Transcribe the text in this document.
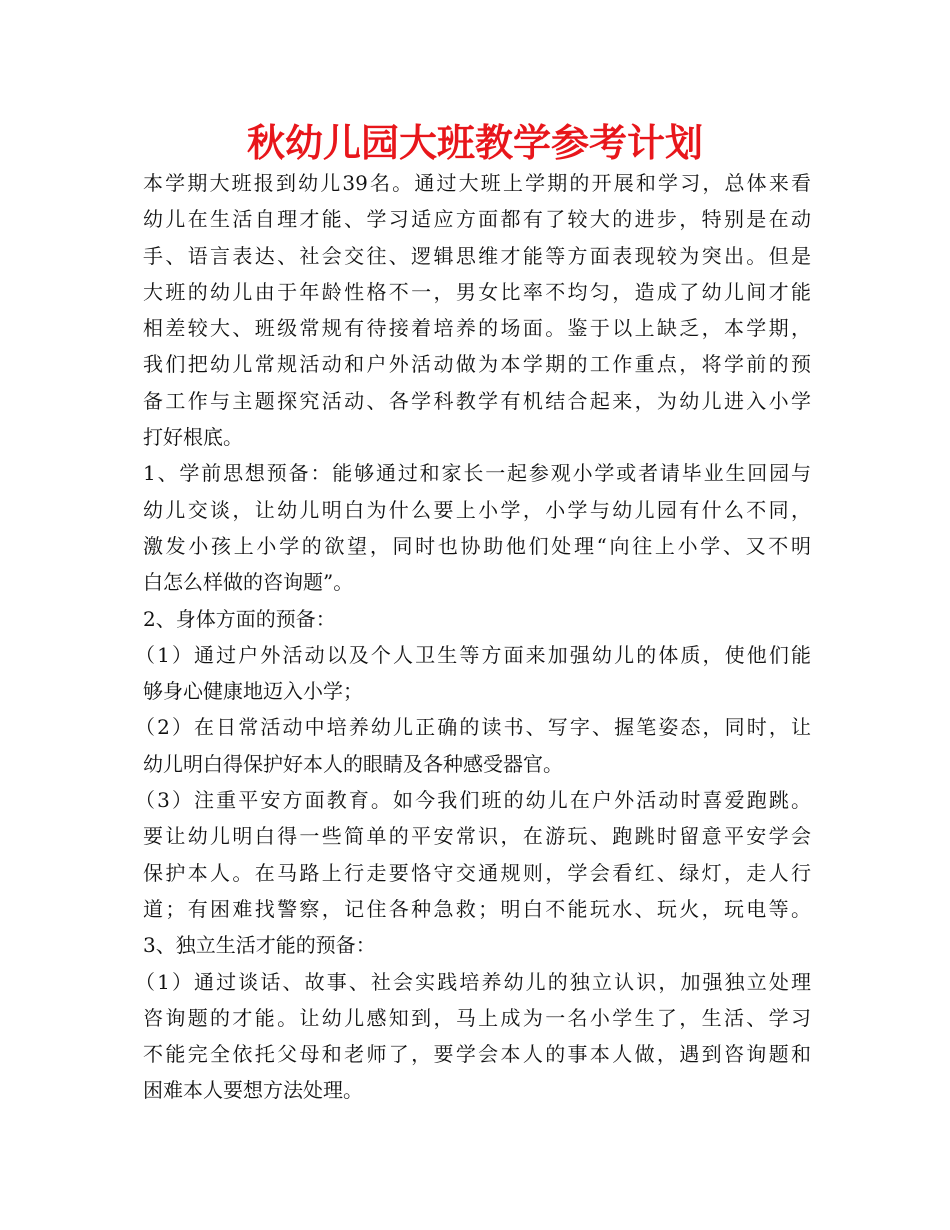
秋幼儿园大班教学参考计划
本学期大班报到幼儿39名。通过大班上学期的开展和学习，总体来看
幼儿在生活自理才能、学习适应方面都有了较大的进步，特别是在动
手、语言表达、社会交往、逻辑思维才能等方面表现较为突出。但是
大班的幼儿由于年龄性格不一，男女比率不均匀，造成了幼儿间才能
相差较大、班级常规有待接着培养的场面。鉴于以上缺乏，本学期，
我们把幼儿常规活动和户外活动做为本学期的工作重点，将学前的预
备工作与主题探究活动、各学科教学有机结合起来，为幼儿进入小学
打好根底。
1、学前思想预备：能够通过和家长一起参观小学或者请毕业生回园与
幼儿交谈，让幼儿明白为什么要上小学，小学与幼儿园有什么不同，
激发小孩上小学的欲望，同时也协助他们处理“向往上小学、又不明
白怎么样做的咨询题”。
2、身体方面的预备：
（1）通过户外活动以及个人卫生等方面来加强幼儿的体质，使他们能
够身心健康地迈入小学；
（2）在日常活动中培养幼儿正确的读书、写字、握笔姿态，同时，让
幼儿明白得保护好本人的眼睛及各种感受器官。
（3）注重平安方面教育。如今我们班的幼儿在户外活动时喜爱跑跳。
要让幼儿明白得一些简单的平安常识，在游玩、跑跳时留意平安学会
保护本人。在马路上行走要恪守交通规则，学会看红、绿灯，走人行
道；有困难找警察，记住各种急救；明白不能玩水、玩火，玩电等。
3、独立生活才能的预备：
（1）通过谈话、故事、社会实践培养幼儿的独立认识，加强独立处理
咨询题的才能。让幼儿感知到，马上成为一名小学生了，生活、学习
不能完全依托父母和老师了，要学会本人的事本人做，遇到咨询题和
困难本人要想方法处理。
